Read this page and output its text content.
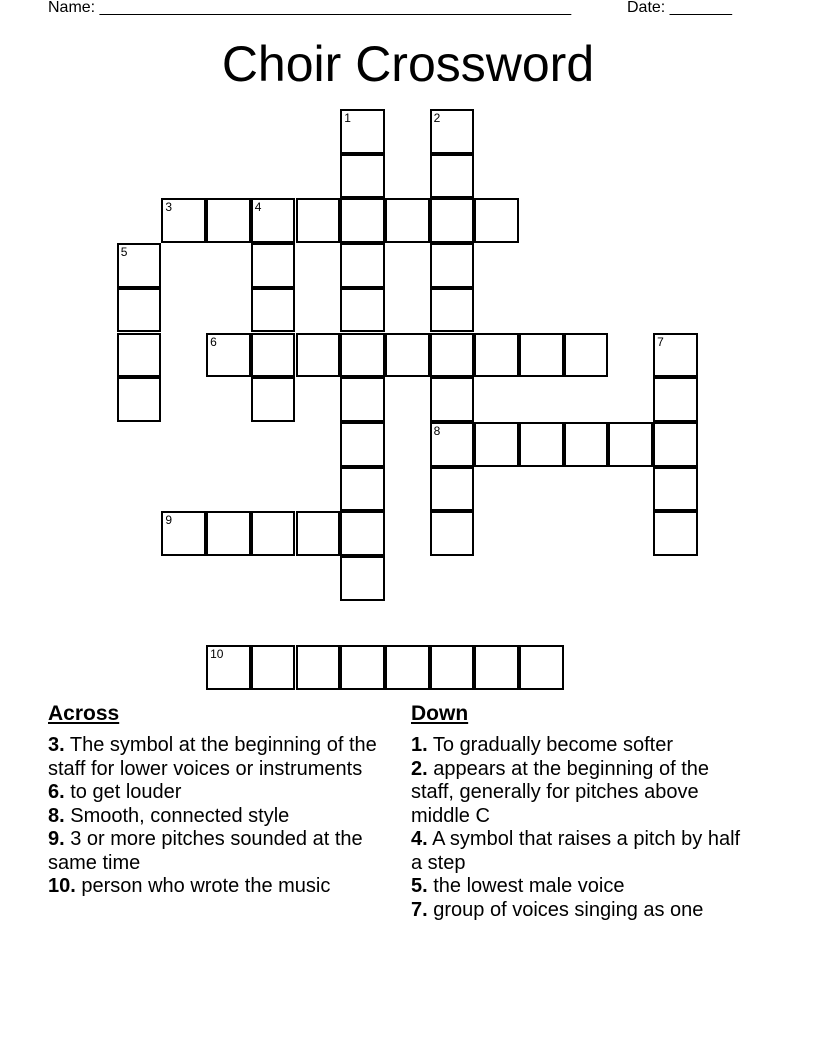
Name: _____________________________________________________	Date: _______
Choir Crossword
1	2
3	4
5
6	7
8
9
10
Across

3. The symbol at the beginning of the staff for lower voices or instruments

6. to get louder

8. Smooth, connected style

9. 3 or more pitches sounded at the same time

10. person who wrote the music

Down

1. To gradually become softer

2. appears at the beginning of the staff, generally for pitches above middle C

4. A symbol that raises a pitch by half a step

5. the lowest male voice

7. group of voices singing as one
